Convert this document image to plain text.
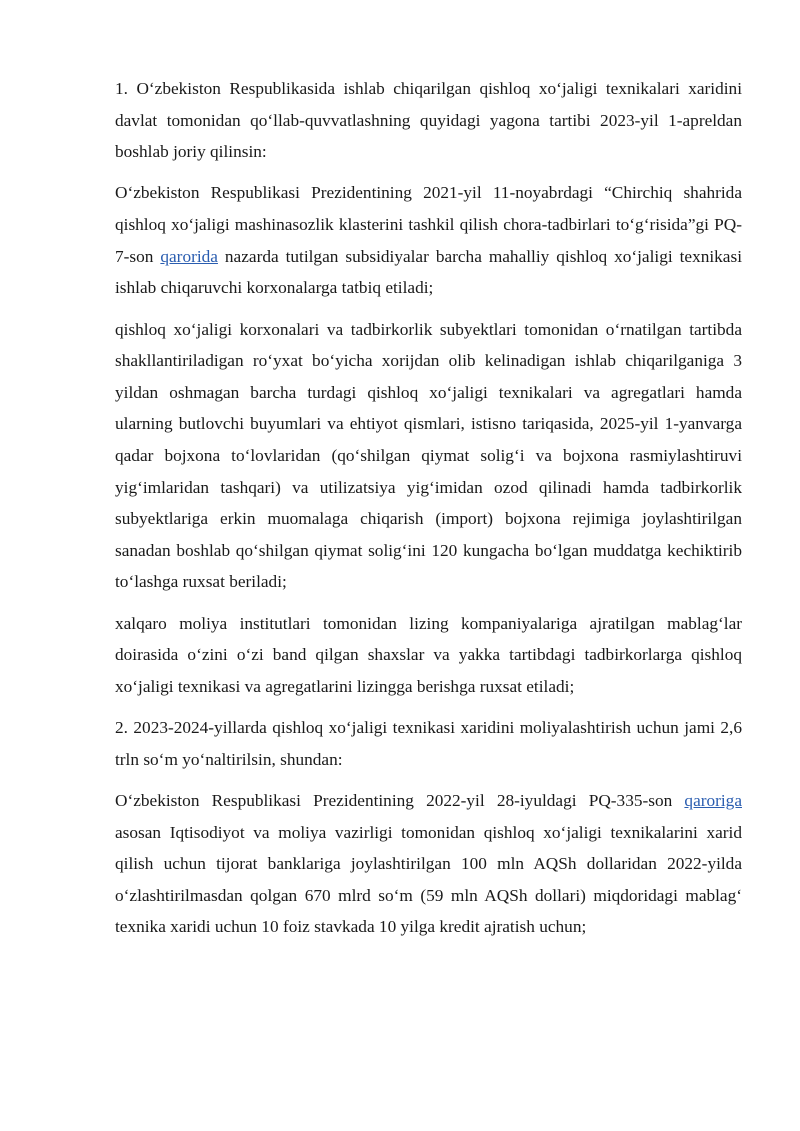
1. O‘zbekiston Respublikasida ishlab chiqarilgan qishloq xo‘jaligi texnikalari xaridini davlat tomonidan qo‘llab-quvvatlashning quyidagi yagona tartibi 2023-yil 1-apreldan boshlab joriy qilinsin:

O‘zbekiston Respublikasi Prezidentining 2021-yil 11-noyabrdagi “Chirchiq shahrida qishloq xo‘jaligi mashinasozlik klasterini tashkil qilish chora-tadbirlari to‘g‘risida”gi PQ-7-son qarorida nazarda tutilgan subsidiyalar barcha mahalliy qishloq xo‘jaligi texnikasi ishlab chiqaruvchi korxonalarga tatbiq etiladi;

qishloq xo‘jaligi korxonalari va tadbirkorlik subyektlari tomonidan o‘rnatilgan tartibda shakllantiriladigan ro‘yxat bo‘yicha xorijdan olib kelinadigan ishlab chiqarilganiga 3 yildan oshmagan barcha turdagi qishloq xo‘jaligi texnikalari va agregatlari hamda ularning butlovchi buyumlari va ehtiyot qismlari, istisno tariqasida, 2025-yil 1-yanvarga qadar bojxona to‘lovlaridan (qo‘shilgan qiymat solig‘i va bojxona rasmiylashtiruvi yig‘imlaridan tashqari) va utilizatsiya yig‘imidan ozod qilinadi hamda tadbirkorlik subyektlariga erkin muomalaga chiqarish (import) bojxona rejimiga joylashtirilgan sanadan boshlab qo‘shilgan qiymat solig‘ini 120 kungacha bo‘lgan muddatga kechiktirib to‘lashga ruxsat beriladi;

xalqaro moliya institutlari tomonidan lizing kompaniyalariga ajratilgan mablag‘lar doirasida o‘zini o‘zi band qilgan shaxslar va yakka tartibdagi tadbirkorlarga qishloq xo‘jaligi texnikasi va agregatlarini lizingga berishga ruxsat etiladi;

2. 2023-2024-yillarda qishloq xo‘jaligi texnikasi xaridini moliyalashtirish uchun jami 2,6 trln so‘m yo‘naltirilsin, shundan:

O‘zbekiston Respublikasi Prezidentining 2022-yil 28-iyuldagi PQ-335-son qaroriga asosan Iqtisodiyot va moliya vazirligi tomonidan qishloq xo‘jaligi texnikalarini xarid qilish uchun tijorat banklariga joylashtirilgan 100 mln AQSh dollaridan 2022-yilda o‘zlashtirilmasdan qolgan 670 mlrd so‘m (59 mln AQSh dollari) miqdoridagi mablag‘ texnika xaridi uchun 10 foiz stavkada 10 yilga kredit ajratish uchun;
